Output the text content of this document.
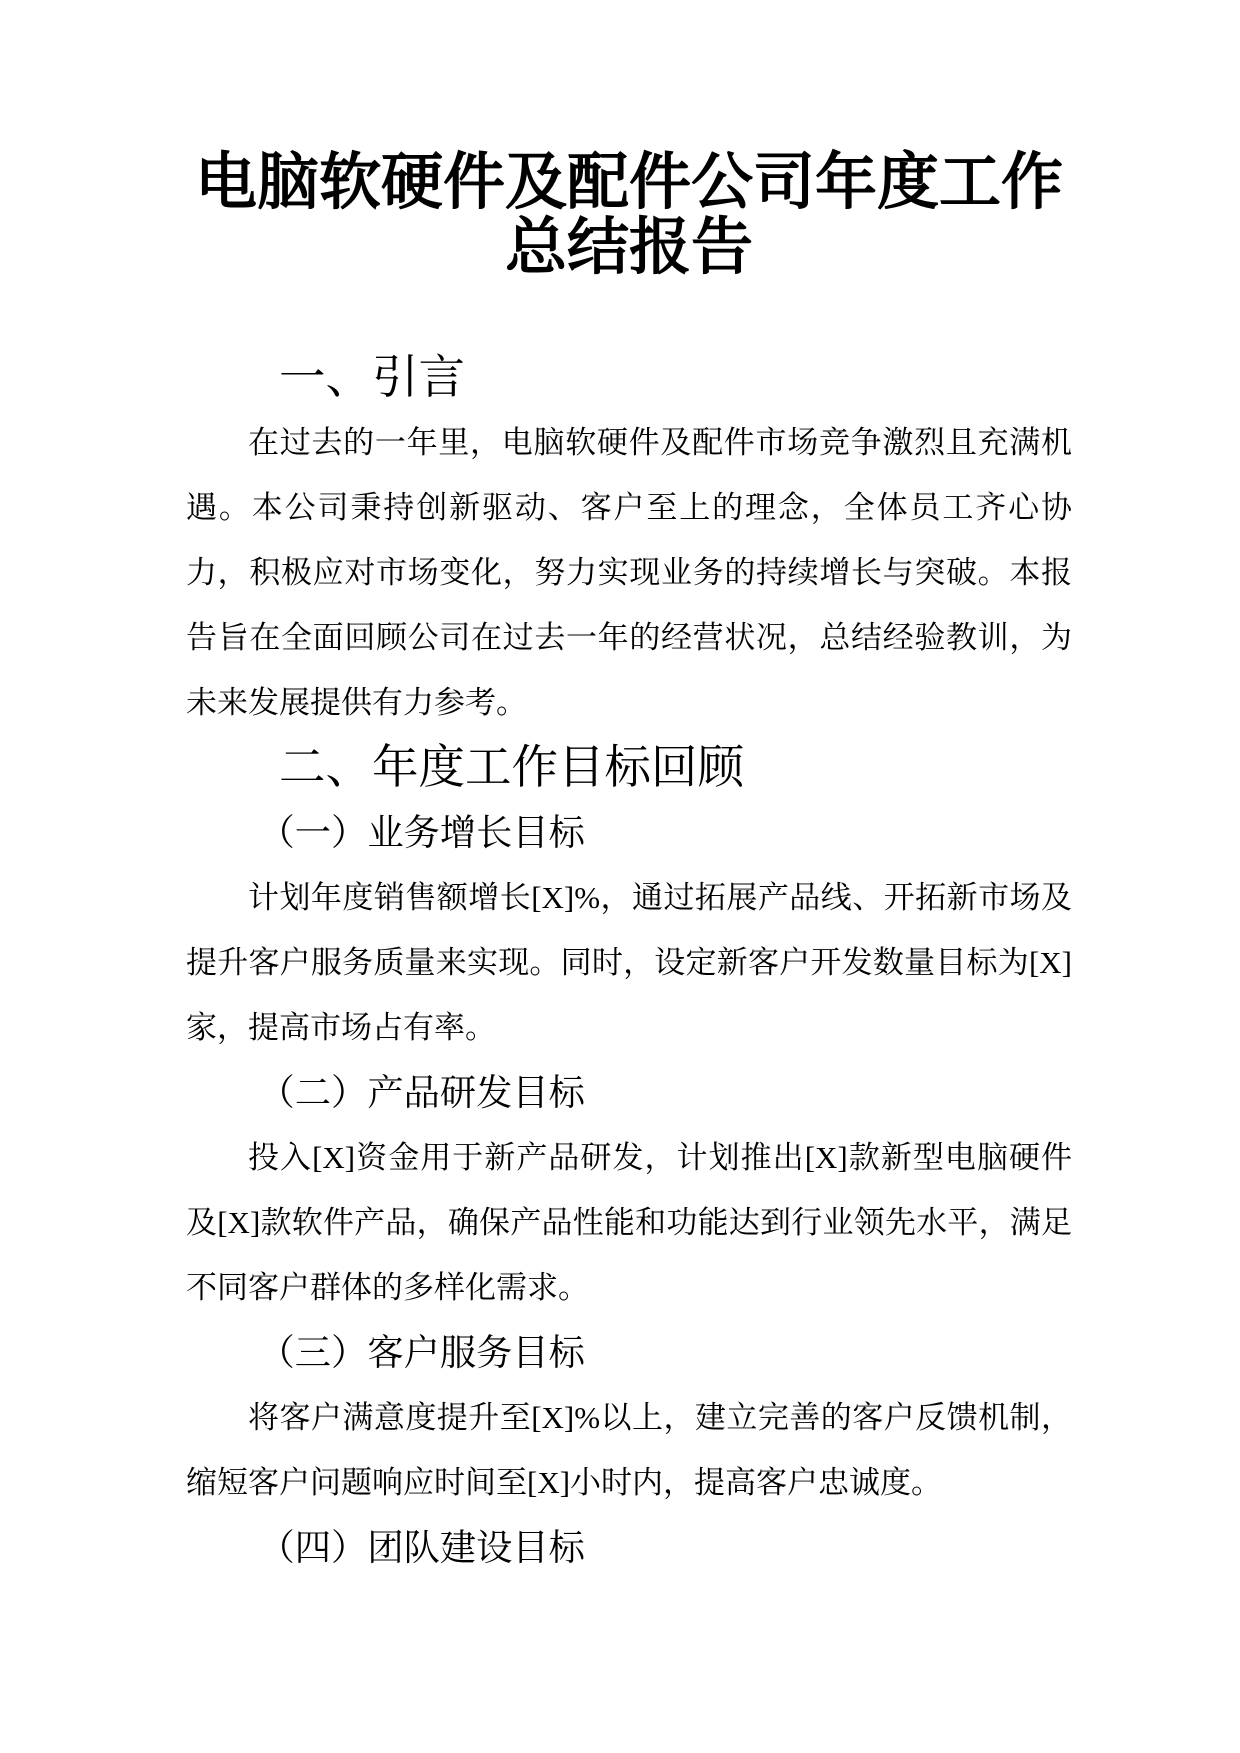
电脑软硬件及配件公司年度工作总结报告
一、引言

在过去的一年里，电脑软硬件及配件市场竞争激烈且充满机遇。本公司秉持创新驱动、客户至上的理念，全体员工齐心协力，积极应对市场变化，努力实现业务的持续增长与突破。本报告旨在全面回顾公司在过去一年的经营状况，总结经验教训，为未来发展提供有力参考。

二、年度工作目标回顾
（一）业务增长目标

计划年度销售额增长[X]%，通过拓展产品线、开拓新市场及提升客户服务质量来实现。同时，设定新客户开发数量目标为[X]家，提高市场占有率。

（二）产品研发目标

投入[X]资金用于新产品研发，计划推出[X]款新型电脑硬件及[X]款软件产品，确保产品性能和功能达到行业领先水平，满足不同客户群体的多样化需求。

（三）客户服务目标

将客户满意度提升至[X]%以上，建立完善的客户反馈机制，缩短客户问题响应时间至[X]小时内，提高客户忠诚度。

（四）团队建设目标
